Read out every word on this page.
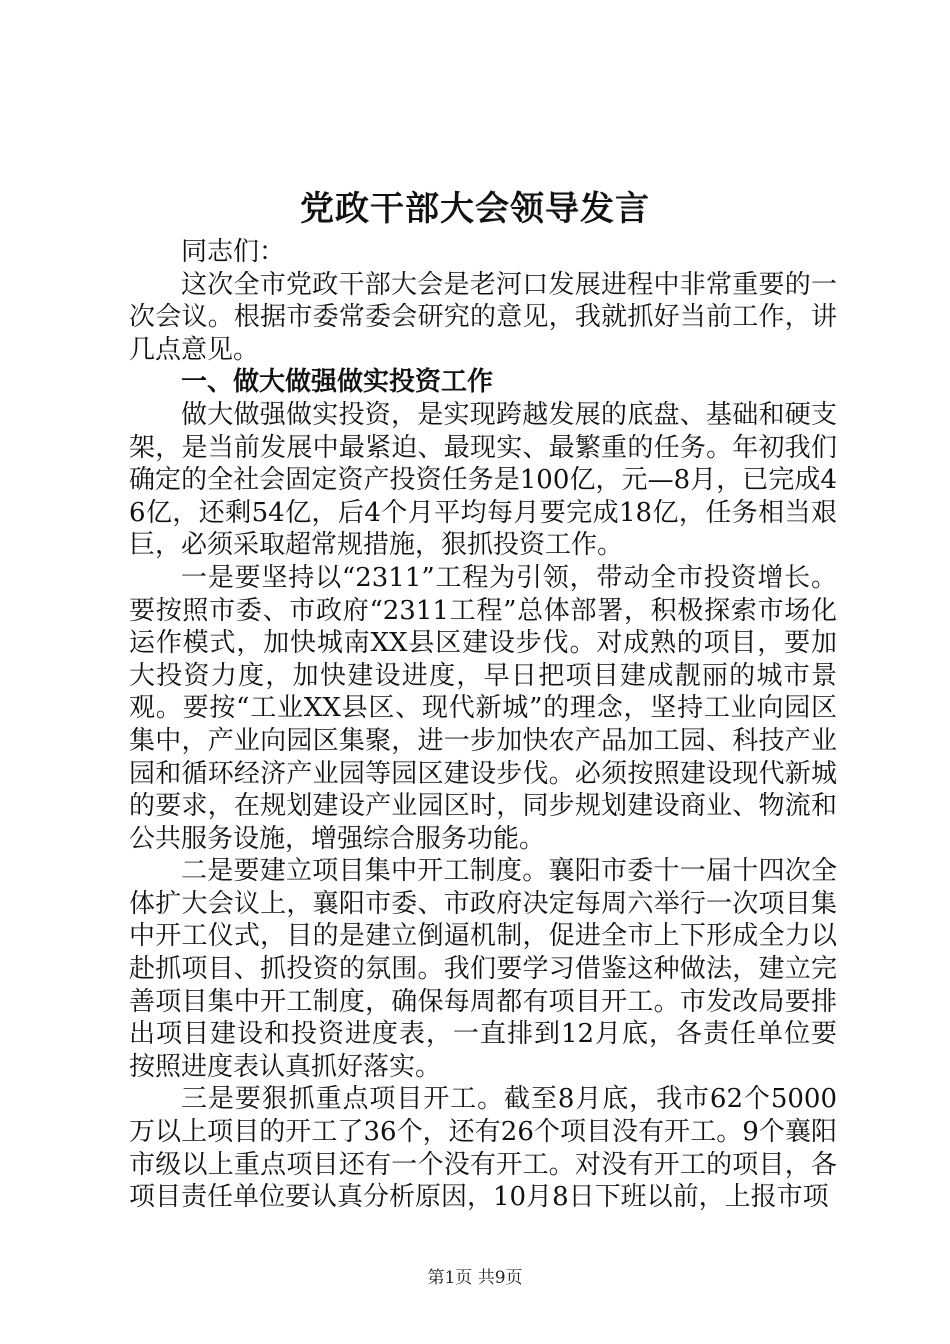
党政干部大会领导发言

同志们：

这次全市党政干部大会是老河口发展进程中非常重要的一次会议。根据市委常委会研究的意见，我就抓好当前工作，讲几点意见。

一、做大做强做实投资工作

做大做强做实投资，是实现跨越发展的底盘、基础和硬支架，是当前发展中最紧迫、最现实、最繁重的任务。年初我们确定的全社会固定资产投资任务是100亿，元—8月，已完成46亿，还剩54亿，后4个月平均每月要完成18亿，任务相当艰巨，必须采取超常规措施，狠抓投资工作。

一是要坚持以“2311”工程为引领，带动全市投资增长。要按照市委、市政府“2311工程”总体部署，积极探索市场化运作模式，加快城南XX县区建设步伐。对成熟的项目，要加大投资力度，加快建设进度，早日把项目建成靓丽的城市景观。要按“工业XX县区、现代新城”的理念，坚持工业向园区集中，产业向园区集聚，进一步加快农产品加工园、科技产业园和循环经济产业园等园区建设步伐。必须按照建设现代新城的要求，在规划建设产业园区时，同步规划建设商业、物流和公共服务设施，增强综合服务功能。

二是要建立项目集中开工制度。襄阳市委十一届十四次全体扩大会议上，襄阳市委、市政府决定每周六举行一次项目集中开工仪式，目的是建立倒逼机制，促进全市上下形成全力以赴抓项目、抓投资的氛围。我们要学习借鉴这种做法，建立完善项目集中开工制度，确保每周都有项目开工。市发改局要排出项目建设和投资进度表，一直排到12月底，各责任单位要按照进度表认真抓好落实。

三是要狠抓重点项目开工。截至8月底，我市62个5000万以上项目的开工了36个，还有26个项目没有开工。9个襄阳市级以上重点项目还有一个没有开工。对没有开工的项目，各项目责任单位要认真分析原因，10月8日下班以前，上报市项

第1页 共9页
